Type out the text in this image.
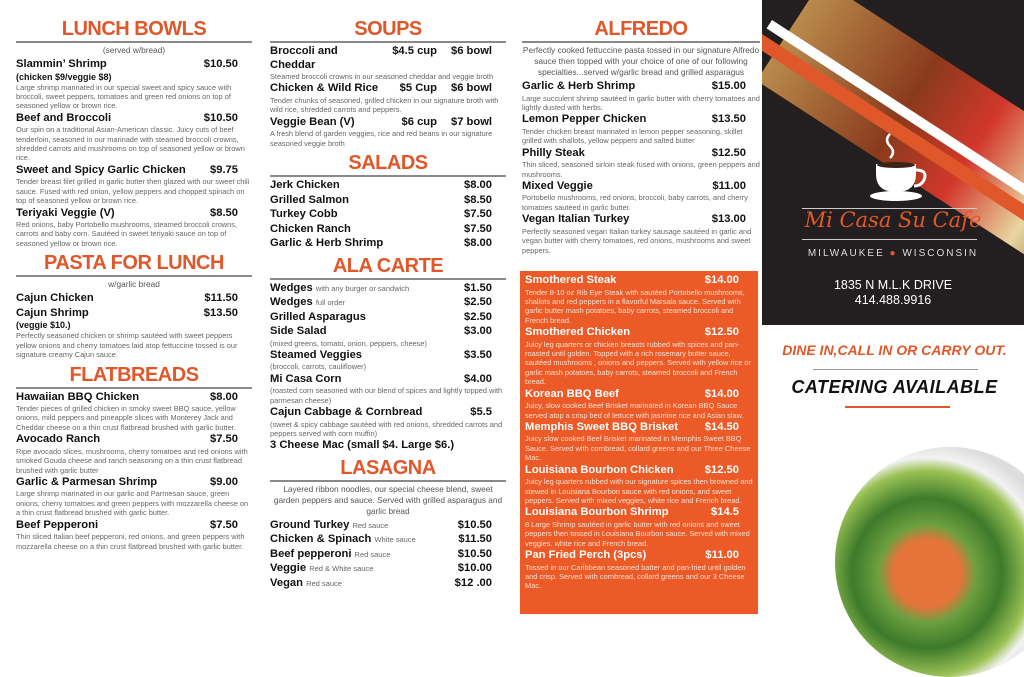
LUNCH BOWLS
(served w/bread)
Slammin’ Shrimp	$10.50
(chicken $9/veggie $8)
Large shrimp marinated in our special sweet and spicy sauce with broccoli, sweet peppers, tomatoes and green red onions on top of seasoned yellow or brown rice.
Beef and Broccoli	$10.50
Our spin on a traditional Asian-American classic. Juicy cuts of beef tenderloin, seasoned in our marinade with steamed broccoli crowns, shredded carrots and mushrooms on top of seasoned yellow or brown rice.
Sweet and Spicy Garlic Chicken $9.75
Tender breast filet grilled in garlic butter then glazed with our sweet chili sauce. Fused with red onion, yellow peppers and chopped spinach on top of seasoned yellow or brown rice.
Teriyaki Veggie (V)	$8.50
Red onions, baby Portobello mushrooms, steamed broccoli crowns, carrots and baby corn. Sautéed in sweet teriyaki sauce on top of seasoned yellow or brown rice.
PASTA FOR LUNCH
w/garlic bread
Cajun Chicken	$11.50
Cajun Shrimp	$13.50
(veggie $10.)
Perfectly seasoned chicken or shrimp sautéed with sweet peppers yellow onions and cherry tomatoes laid atop fettuccine tossed is our signature creamy Cajun sauce.
FLATBREADS
Hawaiian BBQ Chicken	$8.00
Tender pieces of grilled chicken in smoky sweet BBQ sauce, yellow onions, mild peppers and pineapple slices with Monterey Jack and Cheddar cheese on a thin crust flatbread brushed with garlic butter.
Avocado Ranch	$7.50
Ripe avocado slices, mushrooms, cherry tomatoes and red onions with smoked Gouda cheese and ranch seasoning on a thin crust flatbread brushed with garlic butter
Garlic & Parmesan Shrimp	$9.00
Large shrimp marinated in our garlic and Parmesan sauce, green onions, cherry tomatoes and green peppers with mozzarella cheese on a thin crust flatbread brushed with garlic butter.
Beef Pepperoni	$7.50
Thin sliced Italian beef pepperoni, red onions, and green peppers with mozzarella cheese on a thin crust flatbread brushed with garlic butter.
SOUPS
Broccoli and Cheddar
$4.5 cup $6 bowl
Steamed broccoli crowns in our seasoned cheddar and veggie broth
Chicken & Wild Rice $5 Cup $6 bowl
Tender chunks of seasoned, grilled chicken in our signature broth with wild rice, shredded carrots and peppers.
Veggie Bean (V)	$6 cup $7 bowl
A fresh blend of garden veggies, rice and red beans in our signature seasoned veggie broth
SALADS
Jerk Chicken	$8.00
Grilled Salmon	$8.50
Turkey Cobb	$7.50
Chicken Ranch	$7.50
Garlic & Herb Shrimp	$8.00
ALA CARTE
Wedges with any burger or sandwich	$1.50
Wedges full order	$2.50
Grilled Asparagus	$2.50
Side Salad	$3.00
(mixed greens, tomato, onion, peppers, cheese)
Steamed Veggies	$3.50
(broccoli, carrots, cauliflower)
Mi Casa Corn	$4.00
(roasted corn seasoned with our blend of spices and lightly topped with parmesan cheese)
Cajun Cabbage & Cornbread	$5.5
(sweet & spicy cabbage sautéed with red onions, shredded carrots and peppers served with corn muffin)
3 Cheese Mac (small $4. Large $6.)
LASAGNA
Layered ribbon noodles, our special cheese blend, sweet garden peppers and sauce. Served with grilled asparagus and garlic bread
Ground Turkey Red sauce	$10.50
Chicken & Spinach White sauce	$11.50
Beef pepperoni Red sauce	$10.50
Veggie Red & White sauce	$10.00
Vegan Red sauce	$12 .00
ALFREDO
Perfectly cooked fettuccine pasta tossed in our signature Alfredo sauce then topped with your choice of one of our following specialties...served w/garlic bread and grilled asparagus
Garlic & Herb Shrimp	$15.00
Large succulent shrimp sautéed in garlic butter with cherry tomatoes and lightly dusted with herbs.
Lemon Pepper Chicken	$13.50
Tender chicken breast marinated in lemon pepper seasoning, skillet grilled with shallots, yellow peppers and salted butter
Philly Steak	$12.50
Thin sliced, seasoned sirloin steak fused with onions, green peppers and mushrooms.
Mixed Veggie	$11.00
Portobello mushrooms, red onions, broccoli, baby carrots, and cherry tomatoes sautéed in garlic butter.
Vegan Italian Turkey	$13.00
Perfectly seasoned vegan Italian turkey sausage sautéed in garlic and vegan butter with cherry tomatoes, red onions, mushrooms and sweet peppers.
Smothered Steak	$14.00
Tender 8-10 oz Rib Eye Steak with sautéed Portobello mushrooms, shallots and red peppers in a flavorful Marsala sauce. Served with garlic butter mash potatoes, baby carrots, steamed broccoli and French bread.
Smothered Chicken	$12.50
Juicy leg quarters or chicken breasts rubbed with spices and pan-roasted until golden. Topped with a rich rosemary butter sauce, sautéed mushrooms , onions and peppers. Served with yellow rice or garlic mash potatoes, baby carrots, steamed broccoli and French bread.
Korean BBQ Beef	$14.00
Juicy, slow cooked Beef Brisket marinated in Korean BBQ Sauce served atop a crisp bed of lettuce with jasmine rice and Asian slaw.
Memphis Sweet BBQ Brisket $14.50
Juicy slow cooked Beef Brisket marinated in Memphis Sweet BBQ Sauce. Served with cornbread, collard greens and our Three Cheese Mac.
Louisiana Bourbon Chicken	$12.50
Juicy leg quarters rubbed with our signature spices then browned and stewed in Louisiana Bourbon sauce with red onions, and sweet peppers. Served with mixed veggies, white rice and French bread.
Louisiana Bourbon Shrimp	$14.5
8 Large Shrimp sautéed in garlic butter with red onions and sweet peppers then tossed in Louisiana Bourbon sauce. Served with mixed veggies, white rice and French bread.
Pan Fried Perch (3pcs)	$11.00
Tossed in our Caribbean seasoned batter and pan-fried until golden and crisp. Served with cornbread, collard greens and our 3 Cheese Mac.
Mi Casa Su Cafe
MILWAUKEE ● WISCONSIN
1835 N M.L.K DRIVE
414.488.9916
DINE IN,CALL IN OR CARRY OUT.
CATERING AVAILABLE
